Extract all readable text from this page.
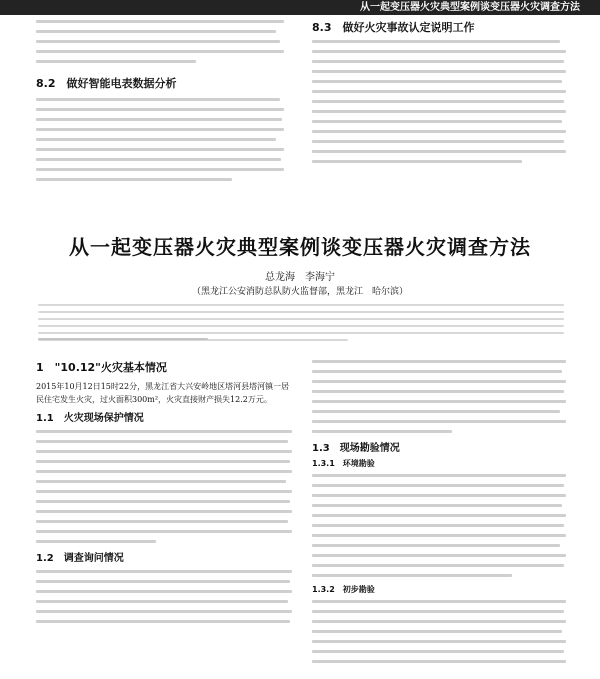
从一起变压器火灾典型案例谈变压器火灾调查方法
8.2　做好智能电表数据分析
8.3　做好火灾事故认定说明工作
从一起变压器火灾典型案例谈变压器火灾调查方法
总龙海　李海宁
（黑龙江公安消防总队防火监督部，黑龙江　哈尔滨）
1　"10.12"火灾基本情况
2015年10月12日15时22分，黑龙江省大兴安岭地区塔河县塔河镇一居民住宅发生火灾，过火面积300m²，火灾直接财产损失12.2万元。
1.1　火灾现场保护情况
1.2　调查询问情况
1.3　现场勘验情况
1.3.1　环境勘验
1.3.2　初步勘验
